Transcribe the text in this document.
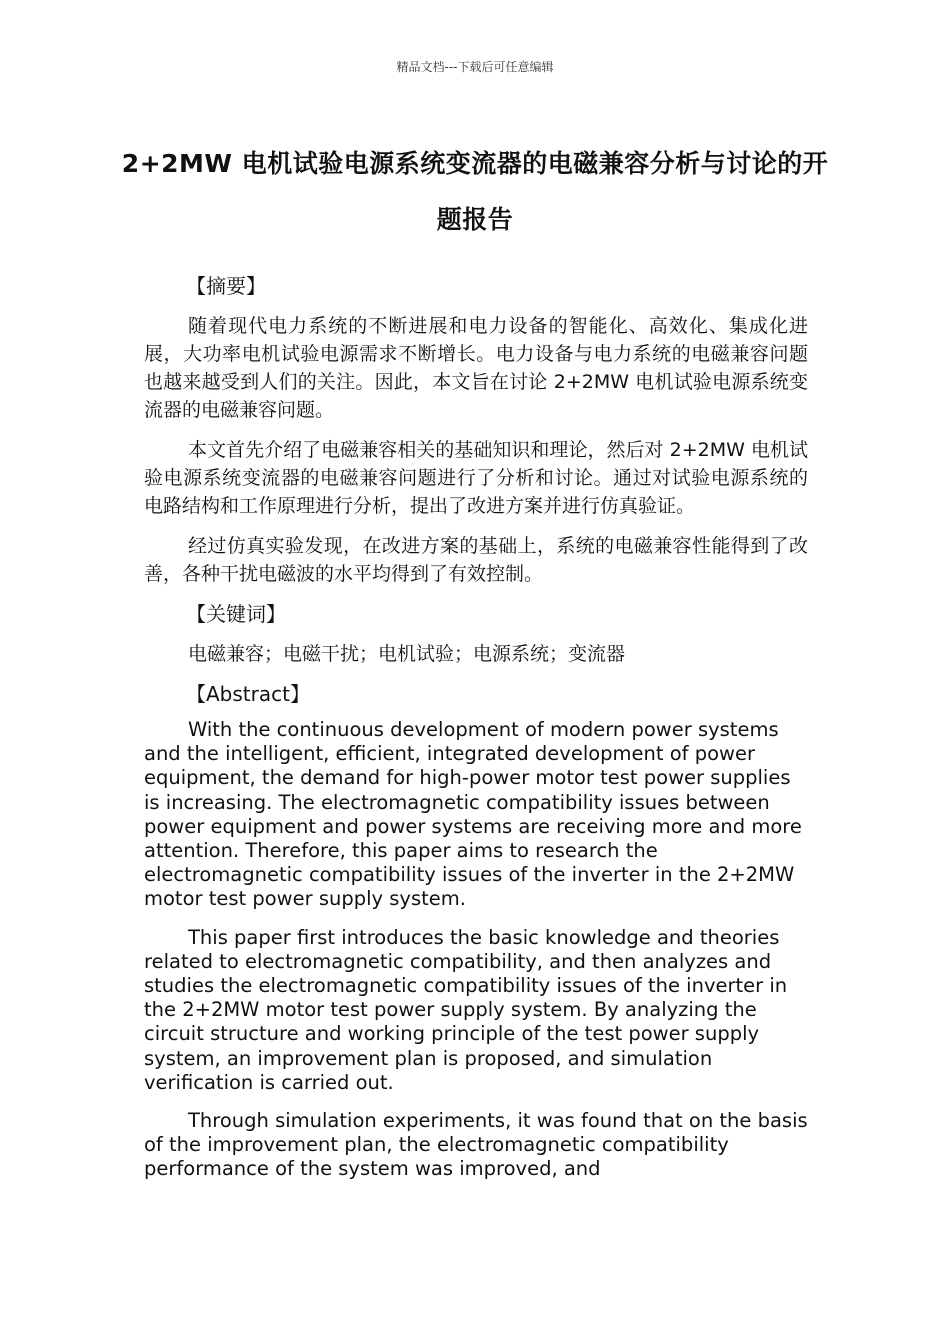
精品文档---下载后可任意编辑
2+2MW 电机试验电源系统变流器的电磁兼容分析与讨论的开题报告
【摘要】

随着现代电力系统的不断进展和电力设备的智能化、高效化、集成化进展，大功率电机试验电源需求不断增长。电力设备与电力系统的电磁兼容问题也越来越受到人们的关注。因此，本文旨在讨论 2+2MW 电机试验电源系统变流器的电磁兼容问题。

本文首先介绍了电磁兼容相关的基础知识和理论，然后对 2+2MW 电机试验电源系统变流器的电磁兼容问题进行了分析和讨论。通过对试验电源系统的电路结构和工作原理进行分析，提出了改进方案并进行仿真验证。

经过仿真实验发现，在改进方案的基础上，系统的电磁兼容性能得到了改善，各种干扰电磁波的水平均得到了有效控制。

【关键词】
电磁兼容；电磁干扰；电机试验；电源系统；变流器
【Abstract】

With the continuous development of modern power systems and the intelligent, efficient, integrated development of power equipment, the demand for high-power motor test power supplies is increasing. The electromagnetic compatibility issues between power equipment and power systems are receiving more and more attention. Therefore, this paper aims to research the electromagnetic compatibility issues of the inverter in the 2+2MW motor test power supply system.

This paper first introduces the basic knowledge and theories related to electromagnetic compatibility, and then analyzes and studies the electromagnetic compatibility issues of the inverter in the 2+2MW motor test power supply system. By analyzing the circuit structure and working principle of the test power supply system, an improvement plan is proposed, and simulation verification is carried out.

Through simulation experiments, it was found that on the basis of the improvement plan, the electromagnetic compatibility performance of the system was improved, and
